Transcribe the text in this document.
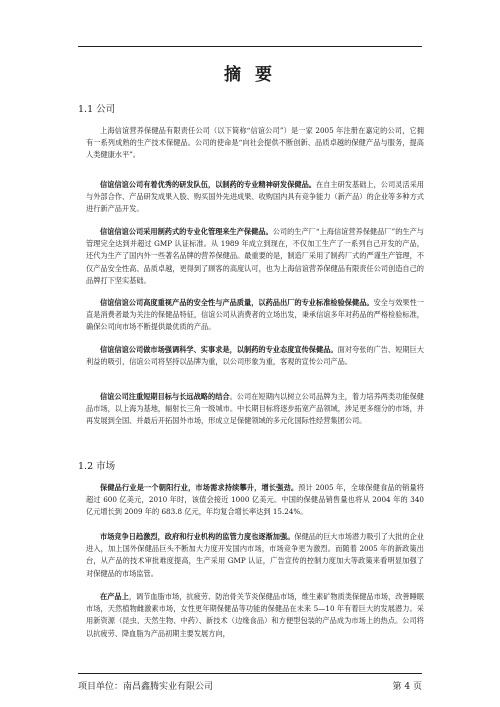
摘 要
1.1 公司

上海信谊营养保健品有限责任公司（以下简称“信谊公司”）是一家 2005 年注册在嘉定的公司，它拥有一系列成熟的生产技术保健品。公司的使命是“向社会提供不断创新、品质卓越的保健产品与服务，提高人类健康水平”。

信谊信谊公司有着优秀的研发队伍，以制药的专业精神研发保健品。在自主研发基础上，公司灵活采用与外部合作、产品研发成果入股、购买国外先进成果、收购国内具有竞争能力（新产品）的企业等多种方式进行新产品开发。

信谊信谊公司采用制药式的专业化管理来生产保健品。公司的生产厂“上海信谊营养保健品厂”的生产与管理完全达到并超过 GMP 认证标准。从 1989 年成立到现在，不仅加工生产了一系列自己开发的产品，还代为生产了国内外一些著名品牌的营养保健品。最重要的是，制造厂采用了制药厂式的严谨生产管理，不仅产品安全性高、品质卓越，更得到了顾客的高度认可，也为上海信谊营养保健品有限责任公司创造自己的品牌打下坚实基础。

信谊信谊公司高度重视产品的安全性与产品质量，以药品出厂的专业标准检验保健品。安全与效果性一直是消费者最为关注的保健品特征，信谊公司从消费者的立场出发，秉承信谊多年对药品的严格检验标准，确保公司向市场不断提供最优质的产品。

信谊信谊公司做市场强调科学、实事求是，以制药的专业态度宣传保健品。面对夸张的广告、短期巨大利益的吸引，信谊公司将坚持以品牌为重，以公司形象为重，客观的宣传公司产品。

信谊公司注重短期目标与长远战略的结合。公司在短期内以树立公司品牌为主，着力培养两类功能保健品市场，以上海为基地，辐射长三角一级城市。中长期目标将逐步拓宽产品领域，涉足更多细分的市场，并再发展到全国、并最后开拓国外市场，形成立足保健领域的多元化国际性经营集团公司。

1.2 市场

保健品行业是一个朝阳行业，市场需求持续攀升，增长强劲。预计 2005 年，全球保健食品的销量将超过 600 亿美元，2010 年时，该值会接近 1000 亿美元。中国的保健品销售量也将从 2004 年的 340 亿元增长到 2009 年的 683.8 亿元，年均复合增长率达到 15.24%。

市场竞争日趋激烈，政府和行业机构的监管力度也逐渐加强。保健品的巨大市场潜力吸引了大批的企业进入，加上国外保健品巨头不断加大力度开发国内市场，市场竞争更为激烈。而随着 2005 年的新政策出台，从产品的技术审批难度提高，生产采用 GMP 认证，广告宣传的控制力度加大等政策来看明显加强了对保健品的市场监管。

在产品上，调节血脂市场，抗疲劳、防治骨关节炎保健品市场，维生素矿物质类保健品市场，改善睡眠市场，天然植物雌激素市场，女性更年期保健品等功能的保健品在未来 5—10 年有着巨大的发展潜力。采用新资源（昆虫、天然生物、中药）、新技术（边缘食品）和方便型包装的产品成为市场上的热点。公司将以抗疲劳、降血脂为产品初期主要发展方向，

项目单位：南昌鑫腾实业有限公司	第 4 页
